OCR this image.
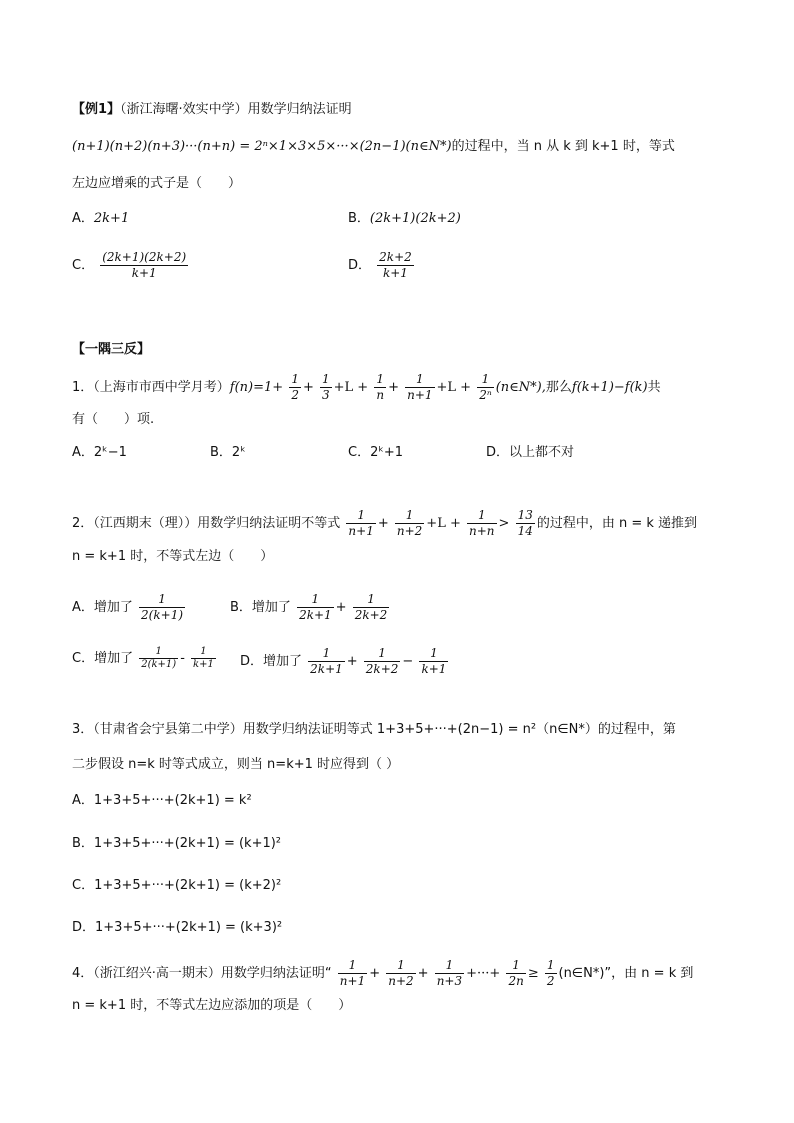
【例1】（浙江海曙·效实中学）用数学归纳法证明
(n+1)(n+2)(n+3)···(n+n) = 2ⁿ×1×3×5×···×(2n−1)(n∈N*)的过程中，当 n 从 k 到 k+1 时，等式
左边应增乘的式子是（　　）
A．2k+1	B．(2k+1)(2k+2)
C． $\frac{(2k+1)(2k+2)}{k+1}$	D． $\frac{2k+2}{k+1}$
【一隅三反】
1．（上海市市西中学月考）$f(n)=1+ \frac{1}{2} + \frac{1}{3} +L + \frac{1}{n} + \frac{1}{n+1} +L + \frac{1}{\text{2ⁿ}}$ (n∈N*),那么f(k+1)−f(k)共
有（　　）项.
A．2ᵏ−1	B．2ᵏ	C．2ᵏ+1	D．以上都不对
2．（江西期末（理））用数学归纳法证明不等式 $\frac{1}{n+1} + \frac{1}{n+2} +L + \frac{1}{n+n} > \frac{13}{14}$ 的过程中，由 n = k 递推到
n = k+1 时，不等式左边（　　）
A．增加了 $\frac{1}{2(k+1)}$	B．增加了 $\frac{1}{2k+1} + \frac{1}{2k+2}$
C．增加了 $\frac{1}{2(k+1)} - \frac{1}{k+1}$ D．增加了 $\frac{1}{2k+1} + \frac{1}{2k+2} - \frac{1}{k+1}$
3．（甘肃省会宁县第二中学）用数学归纳法证明等式 1+3+5+···+(2n−1) = n²（n∈N*）的过程中，第
二步假设 n=k 时等式成立，则当 n=k+1 时应得到（ ）
A．1+3+5+···+(2k+1) = k²
B．1+3+5+···+(2k+1) = (k+1)²
C．1+3+5+···+(2k+1) = (k+2)²
D．1+3+5+···+(2k+1) = (k+3)²
4．（浙江绍兴·高一期末）用数学归纳法证明“ $\frac{1}{n+1} + \frac{1}{n+2} + \frac{1}{n+3}$ +···+ $\frac{1}{2n} \ge \frac{1}{2}$ (n∈N*)”，由 n = k 到
n = k+1 时，不等式左边应添加的项是（　　）
